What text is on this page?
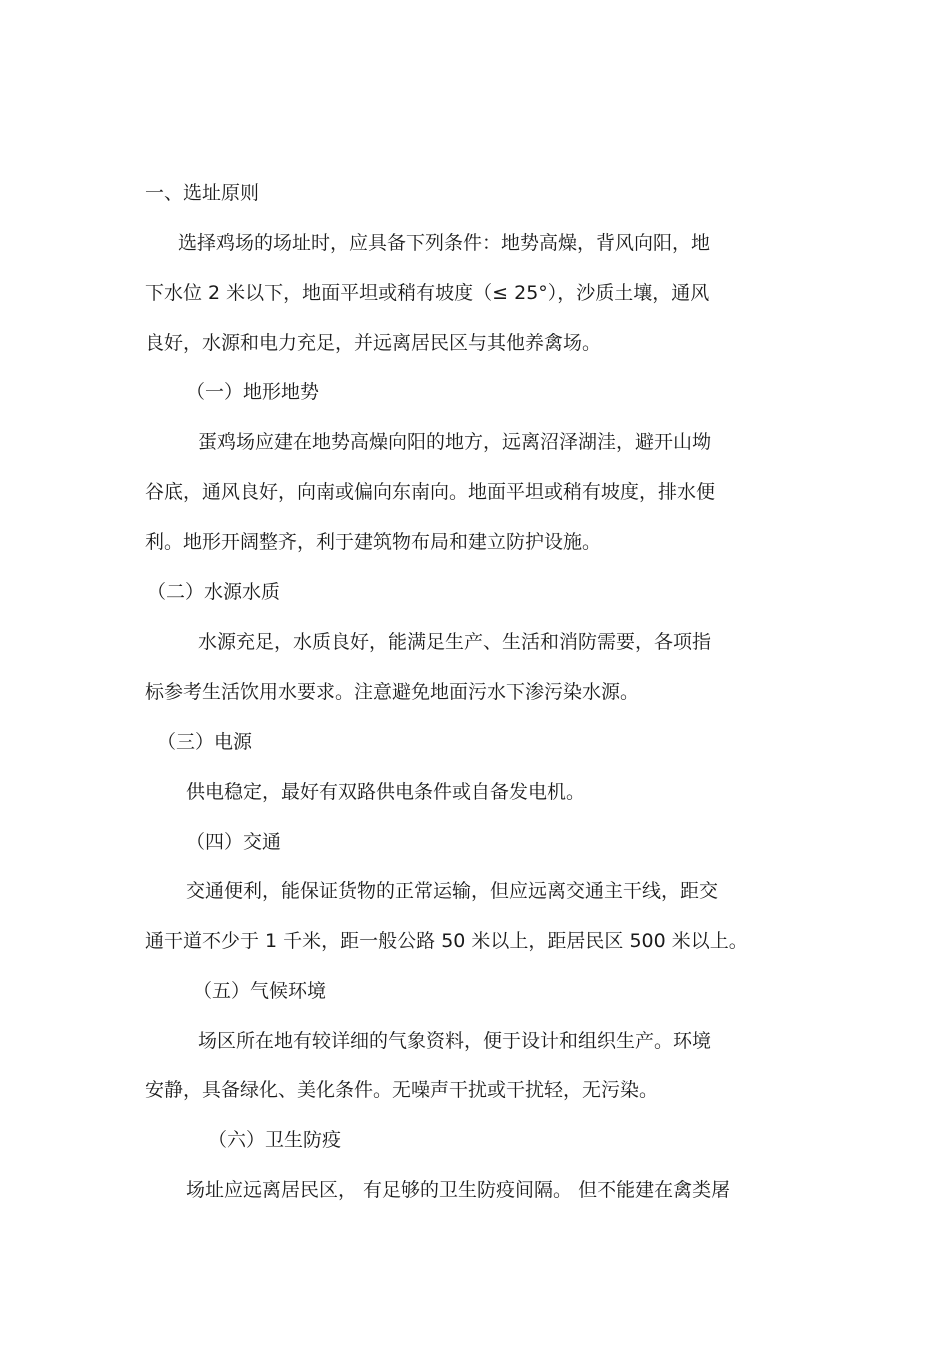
一、选址原则
选择鸡场的场址时，应具备下列条件：地势高燥，背风向阳，地
下水位 2 米以下，地面平坦或稍有坡度（≤ 25°），沙质土壤，通风
良好，水源和电力充足，并远离居民区与其他养禽场。
（一）地形地势
蛋鸡场应建在地势高燥向阳的地方，远离沼泽湖洼，避开山坳
谷底，通风良好，向南或偏向东南向。地面平坦或稍有坡度，排水便
利。地形开阔整齐，利于建筑物布局和建立防护设施。
（二）水源水质
水源充足，水质良好，能满足生产、生活和消防需要，各项指
标参考生活饮用水要求。注意避免地面污水下渗污染水源。
（三）电源
供电稳定，最好有双路供电条件或自备发电机。
（四）交通
交通便利，能保证货物的正常运输，但应远离交通主干线，距交
通干道不少于 1 千米，距一般公路 50 米以上，距居民区 500 米以上。
（五）气候环境
场区所在地有较详细的气象资料，便于设计和组织生产。环境
安静，具备绿化、美化条件。无噪声干扰或干扰轻，无污染。
（六）卫生防疫
场址应远离居民区， 有足够的卫生防疫间隔。 但不能建在禽类屠
